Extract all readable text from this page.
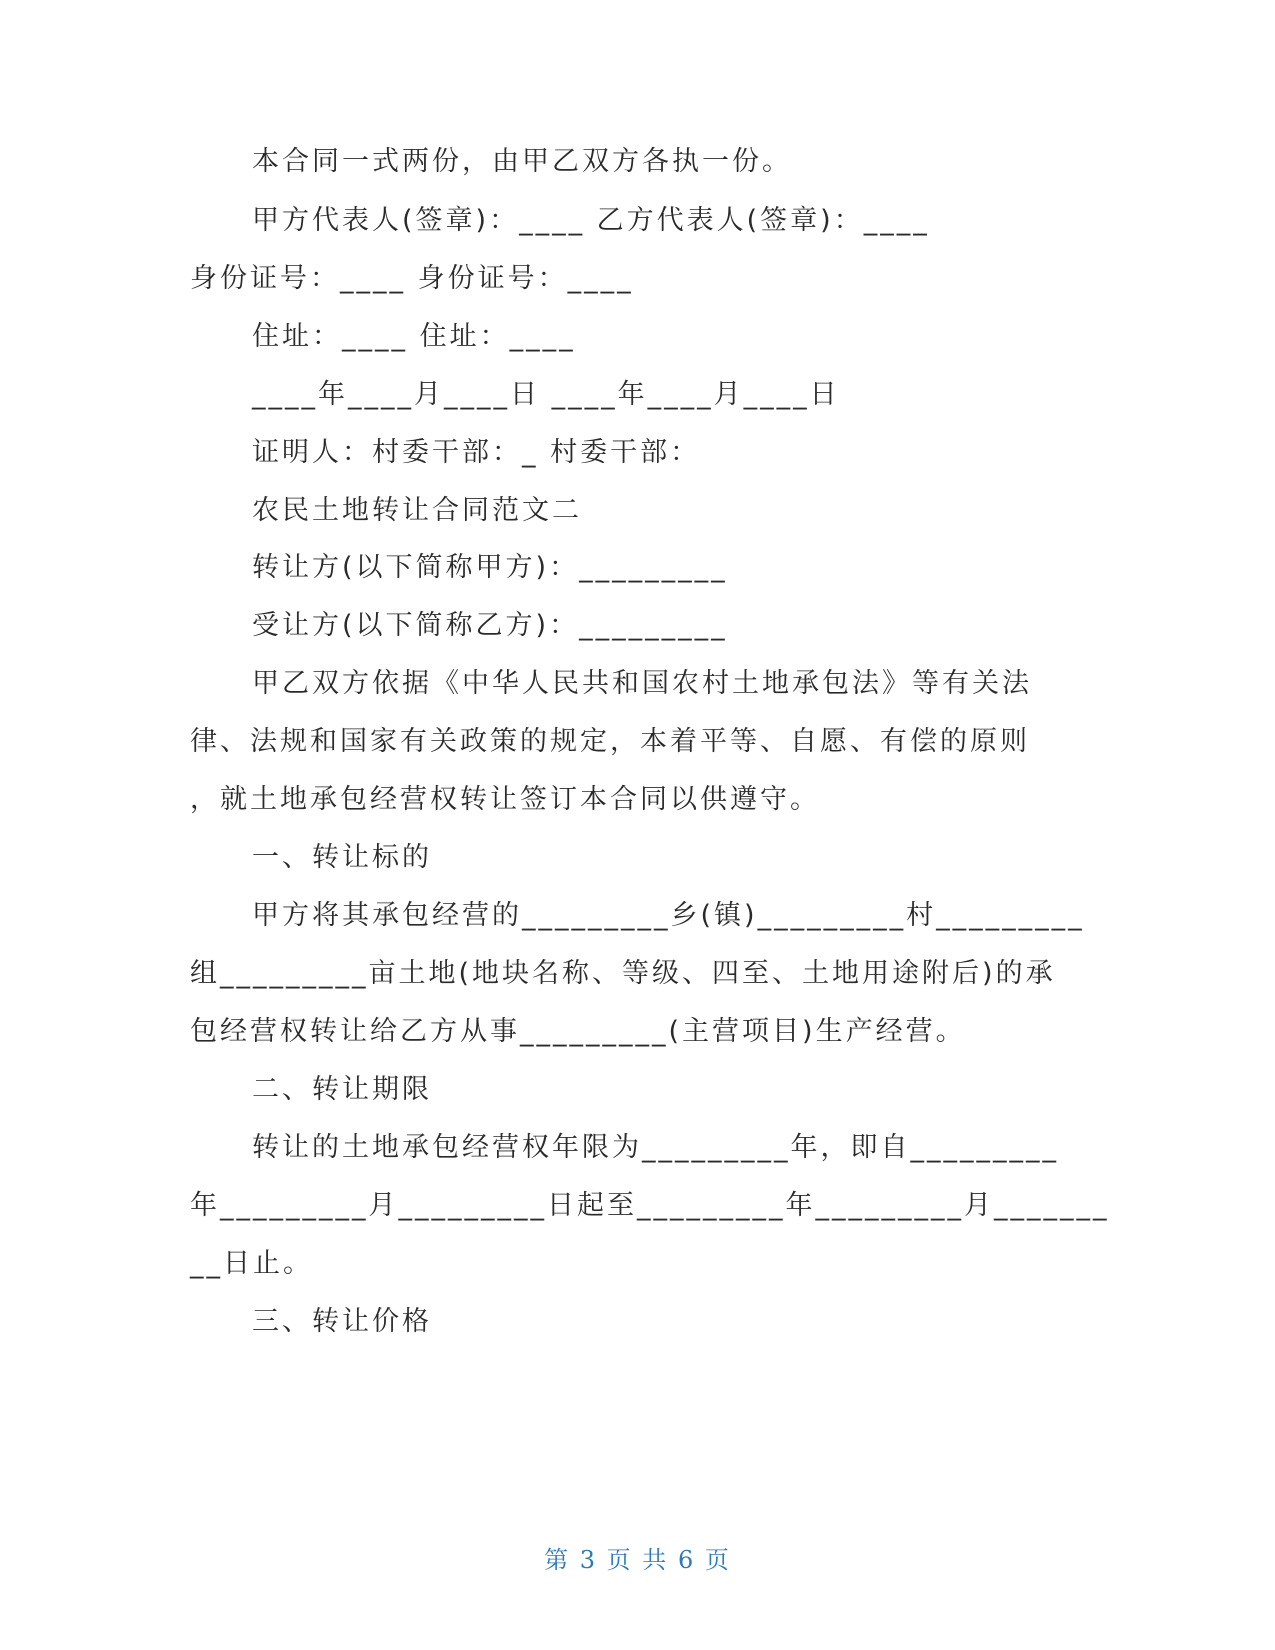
本合同一式两份，由甲乙双方各执一份。
甲方代表人(签章)：____ 乙方代表人(签章)：____
身份证号：____ 身份证号：____
住址：____ 住址：____
____年____月____日 ____年____月____日
证明人：村委干部：_ 村委干部：
农民土地转让合同范文二
转让方(以下简称甲方)：_________
受让方(以下简称乙方)：_________
甲乙双方依据《中华人民共和国农村土地承包法》等有关法
律、法规和国家有关政策的规定，本着平等、自愿、有偿的原则
，就土地承包经营权转让签订本合同以供遵守。
一、转让标的
甲方将其承包经营的_________乡(镇)_________村_________
组_________亩土地(地块名称、等级、四至、土地用途附后)的承
包经营权转让给乙方从事_________(主营项目)生产经营。
二、转让期限
转让的土地承包经营权年限为_________年，即自_________
年_________月_________日起至_________年_________月_______
__日止。
三、转让价格
第 3 页 共 6 页
